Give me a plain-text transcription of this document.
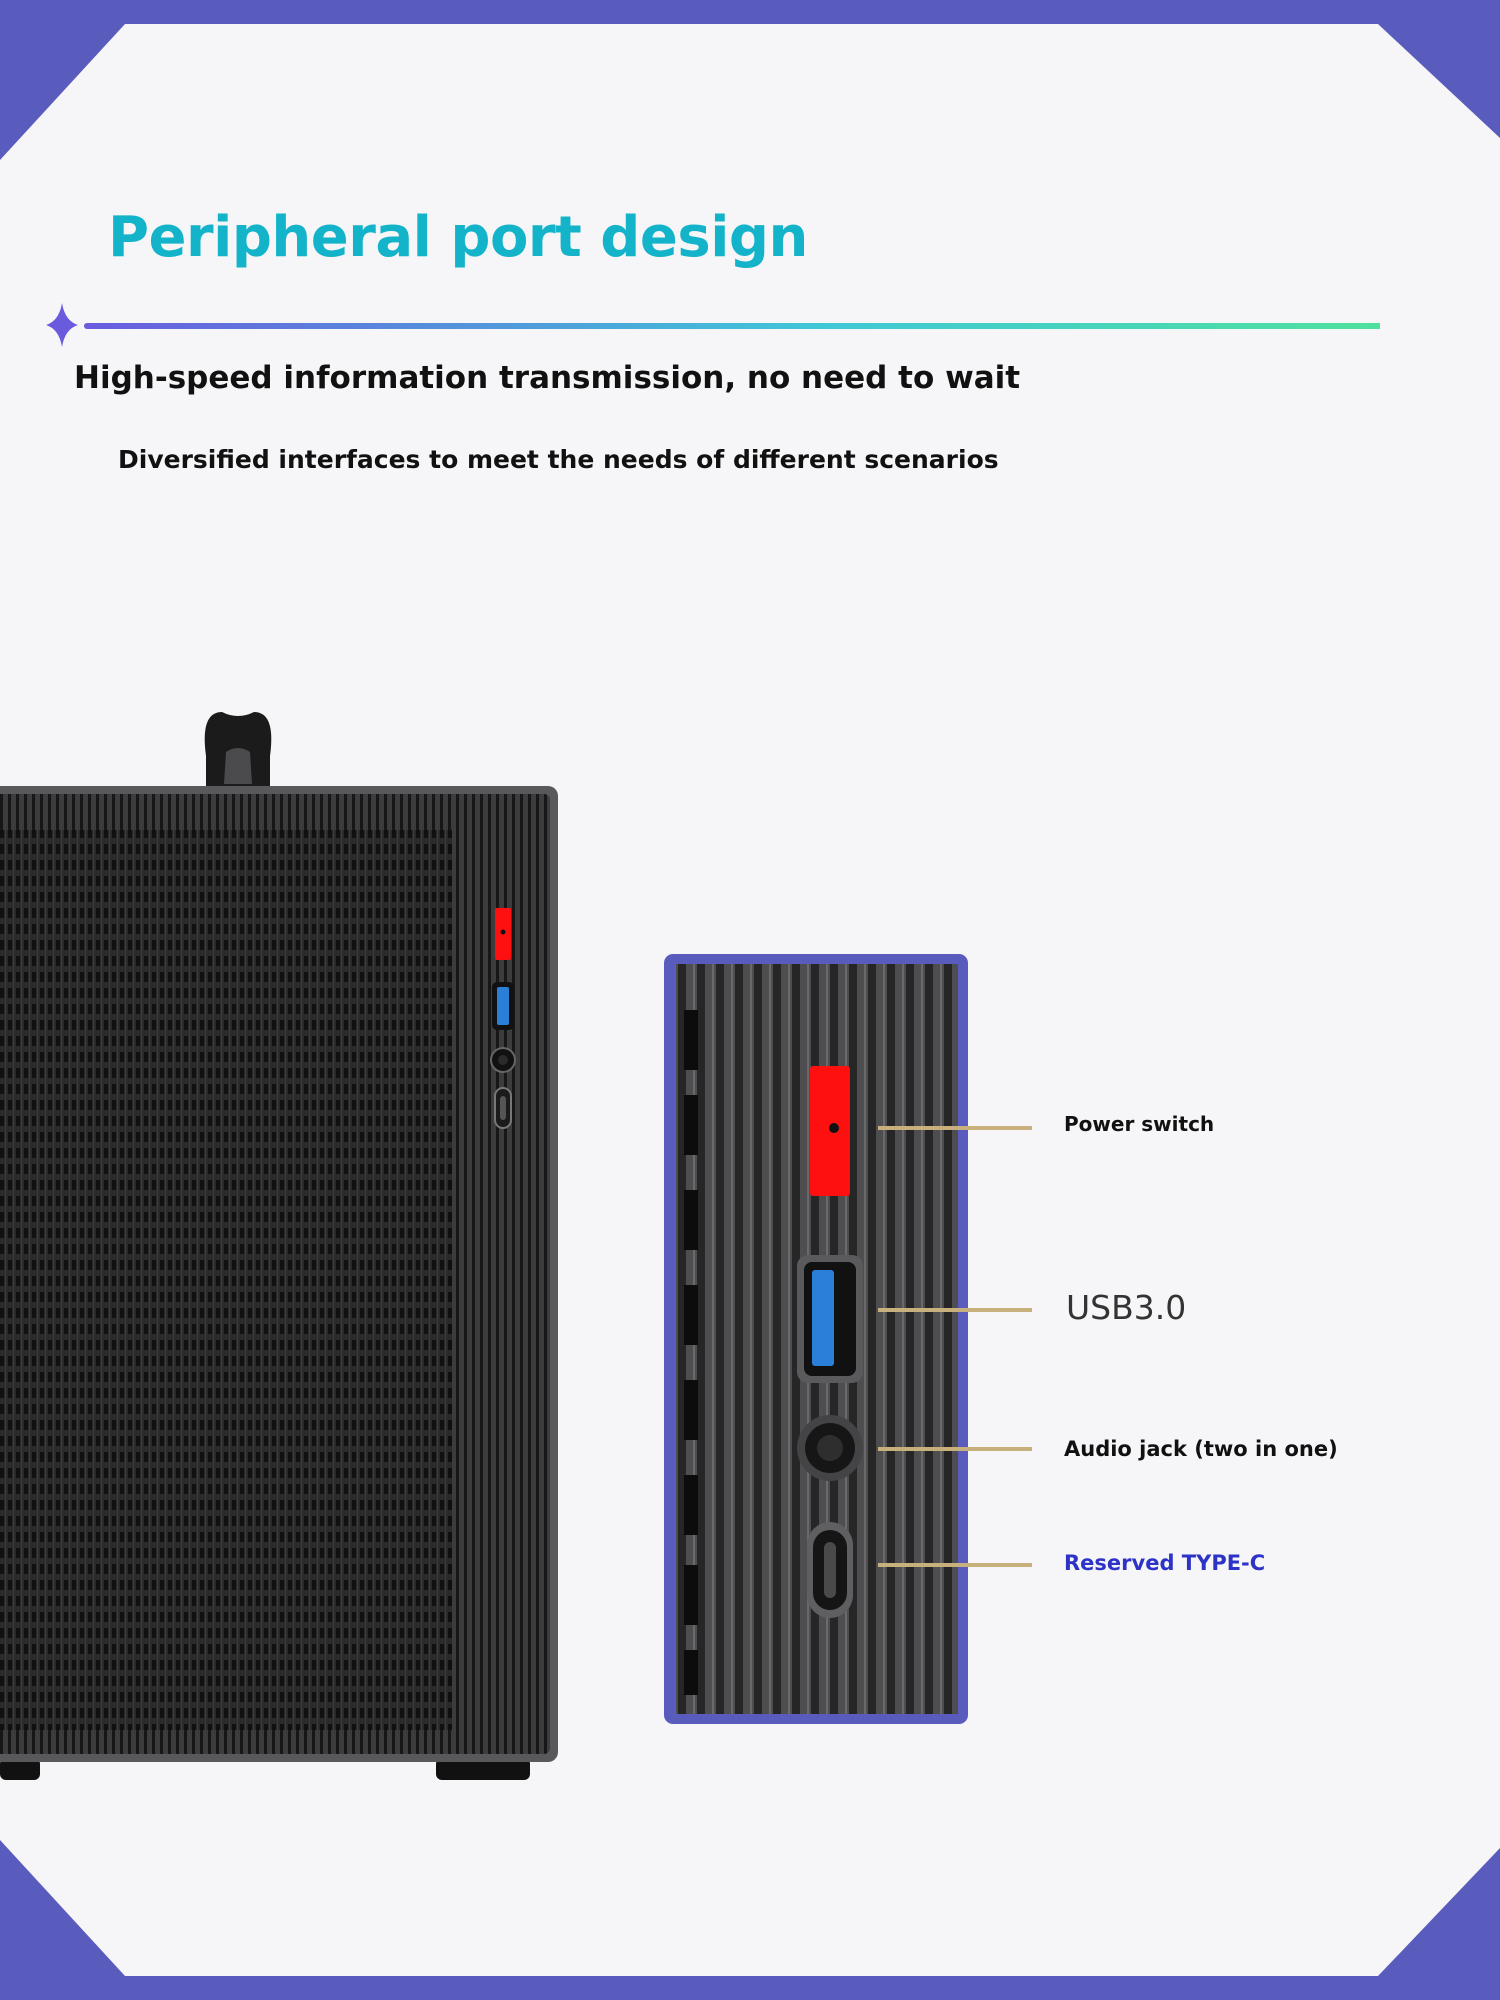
Peripheral port design
High-speed information transmission, no need to wait

Diversified interfaces to meet the needs of different scenarios

Power switch

USB3.0

Audio jack (two in one)

Reserved TYPE-C
